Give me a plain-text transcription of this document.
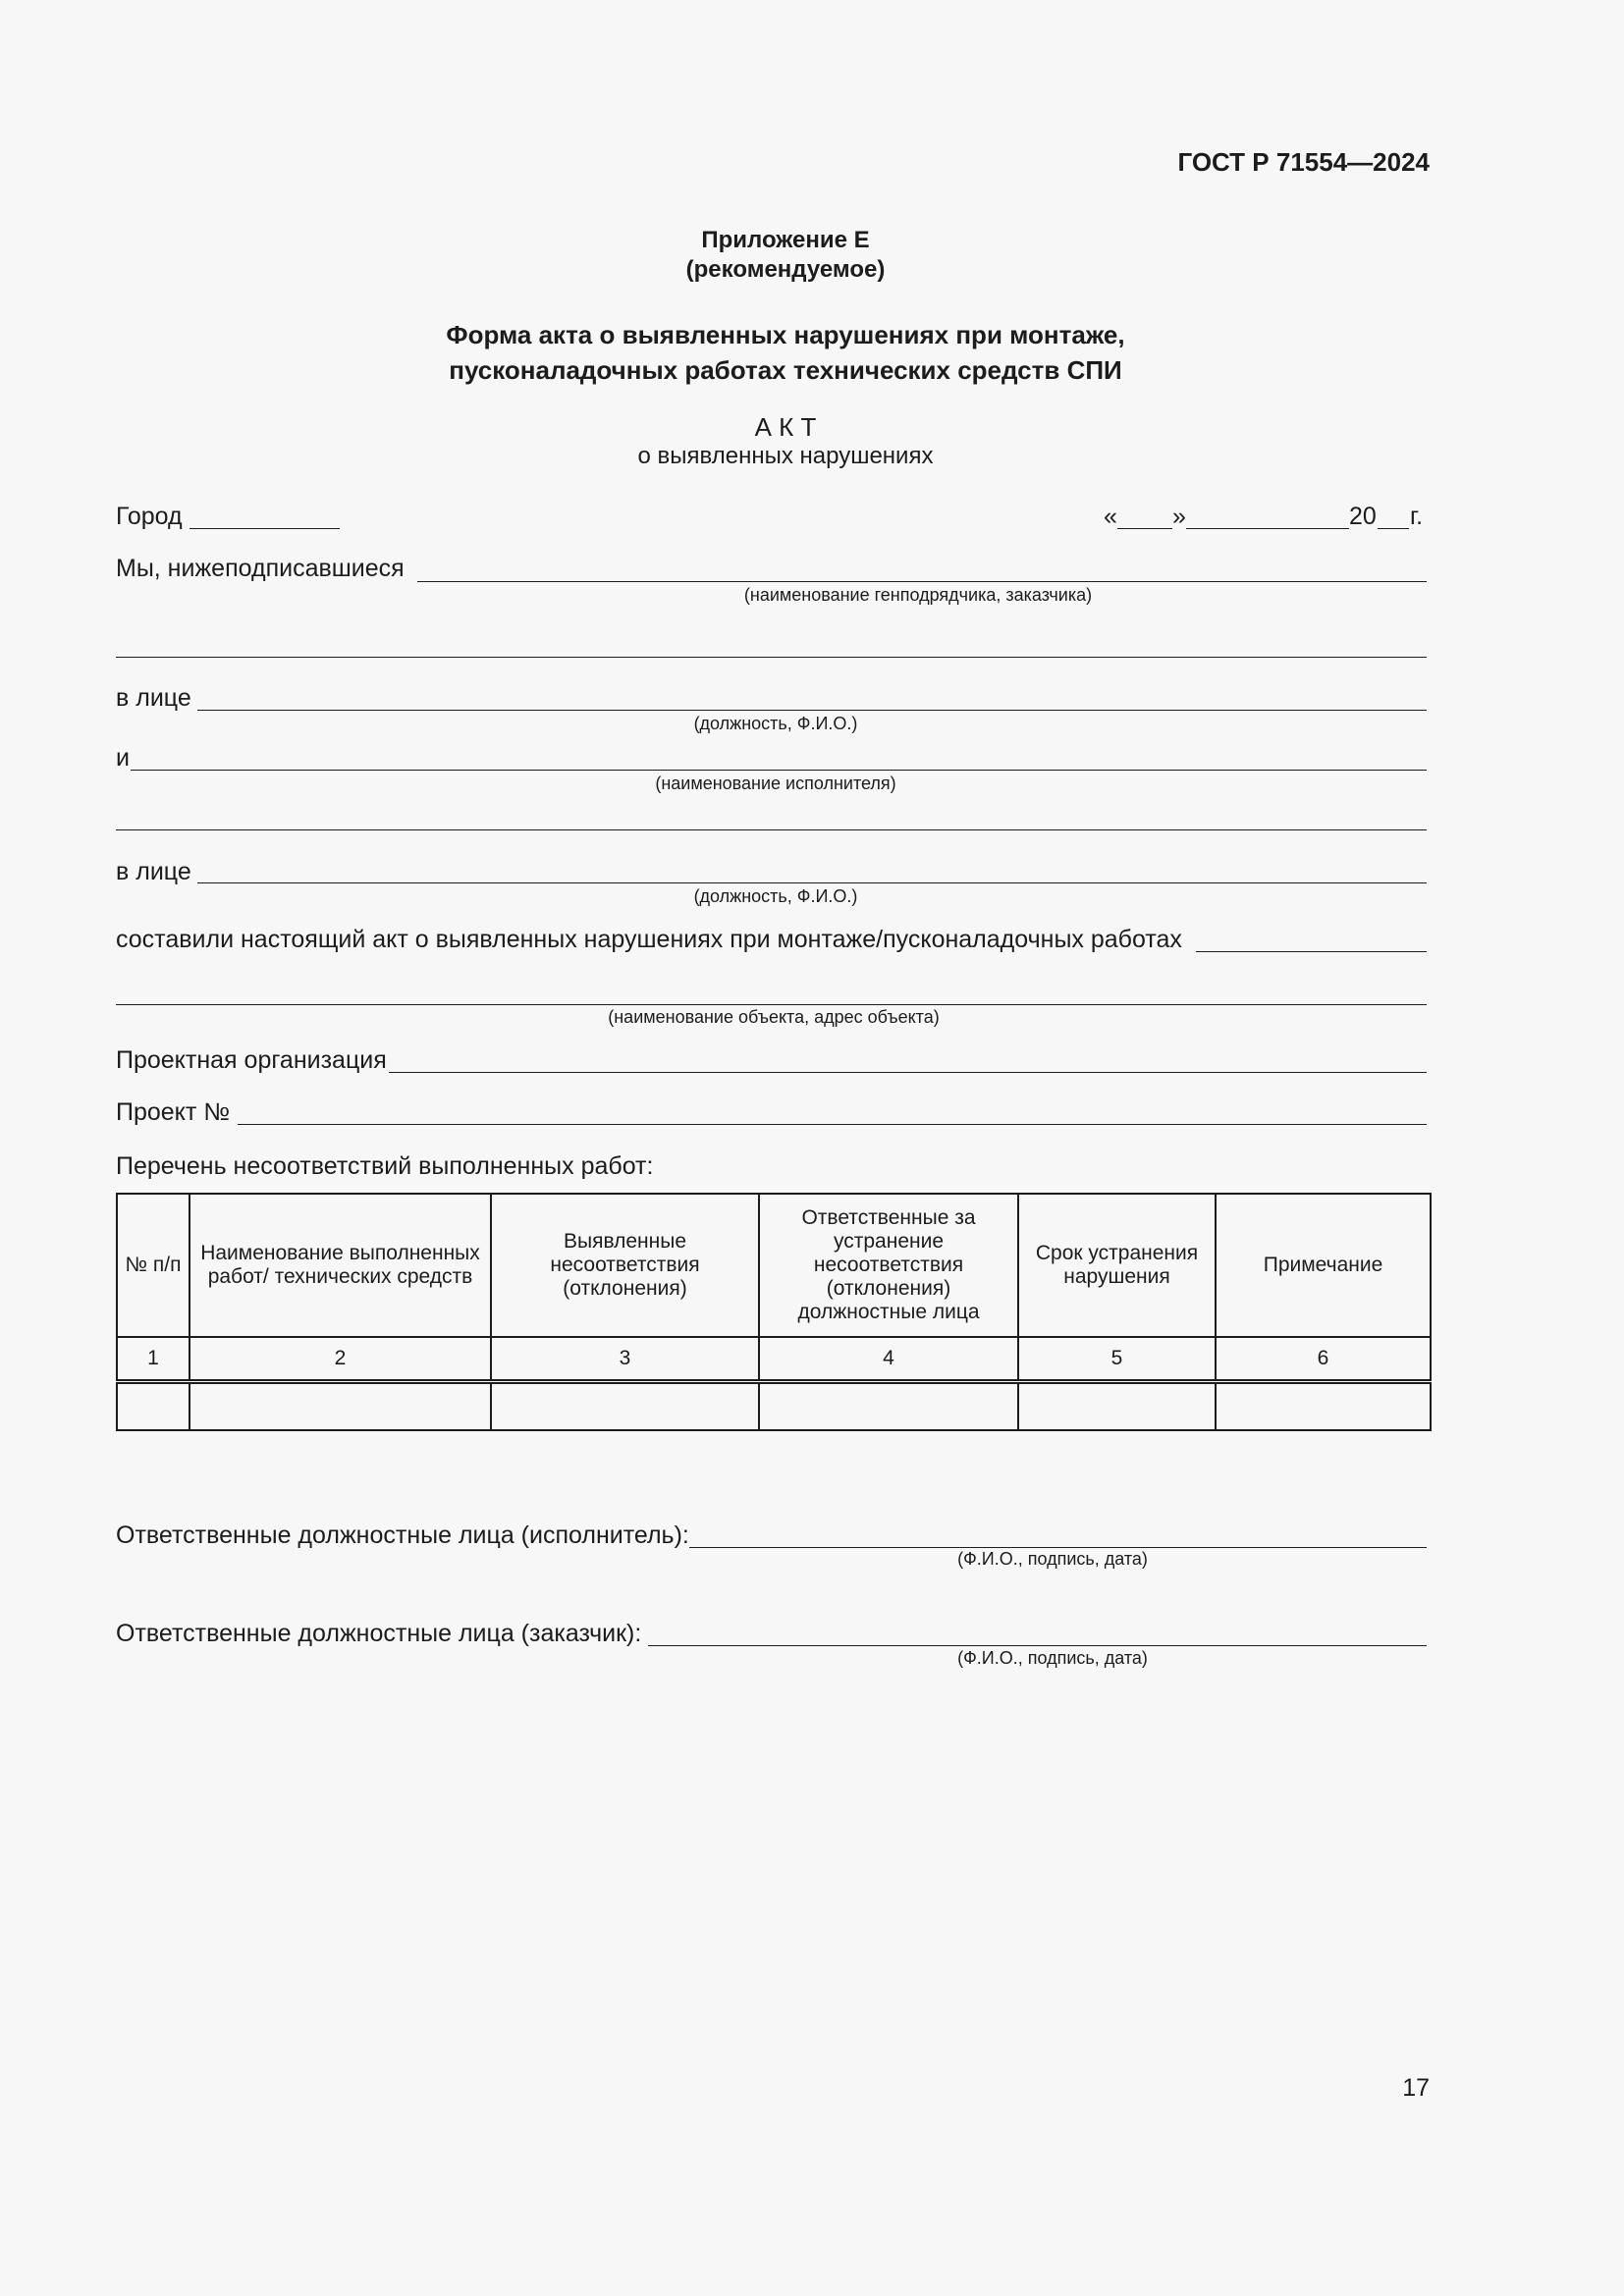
ГОСТ Р 71554—2024
Приложение Е
(рекомендуемое)
Форма акта о выявленных нарушениях при монтаже,
пусконаладочных работах технических средств СПИ
А К Т
о выявленных нарушениях
Город	« »	20 г.
Мы, нижеподписавшиеся
(наименование генподрядчика, заказчика)
в лице
(должность, Ф.И.О.)
и
(наименование исполнителя)
в лице
(должность, Ф.И.О.)
составили настоящий акт о выявленных нарушениях при монтаже/пусконаладочных работах
(наименование объекта, адрес объекта)
Проектная организация
Проект №
Перечень несоответствий выполненных работ:
№ п/п	Наименование выполненных работ/ технических средств	Выявленные несоответствия (отклонения)	Ответственные за устранение несоответствия (отклонения) должностные лица	Срок устранения нарушения	Примечание
1	2	3	4	5	6

Ответственные должностные лица (исполнитель):
(Ф.И.О., подпись, дата)
Ответственные должностные лица (заказчик):
(Ф.И.О., подпись, дата)
17
